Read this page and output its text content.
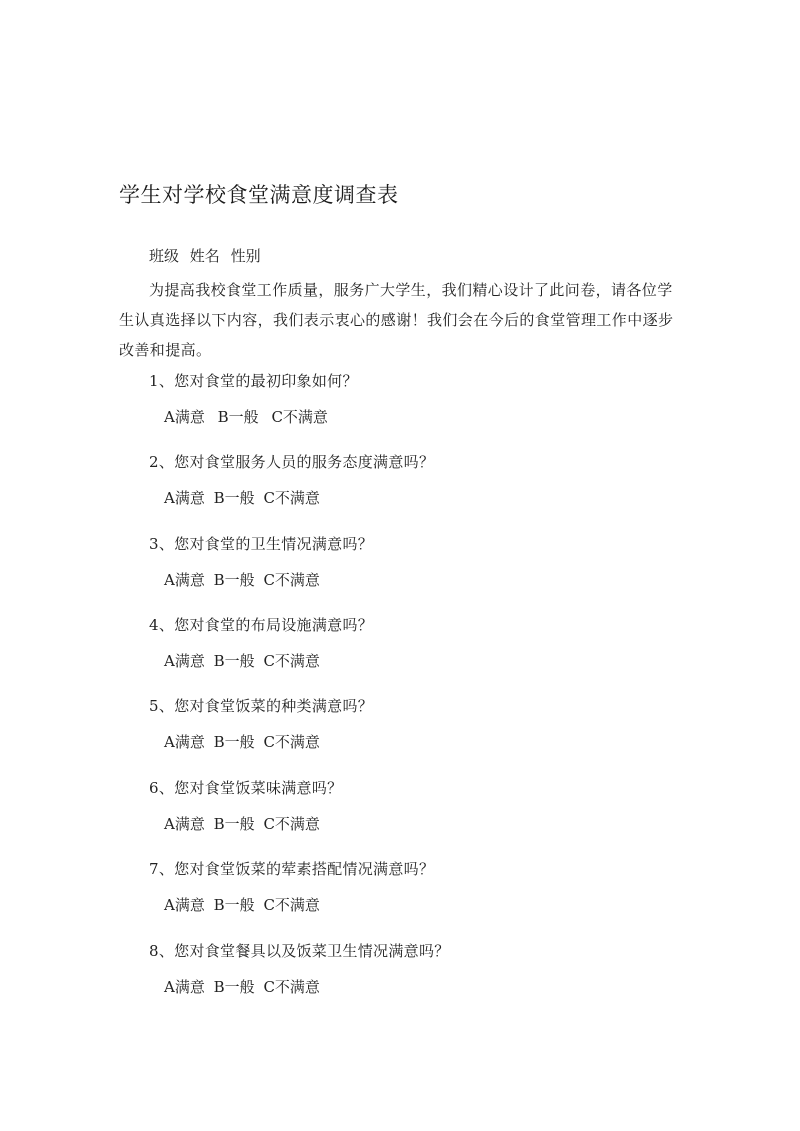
学生对学校食堂满意度调查表
班级 姓名 性别
为提高我校食堂工作质量，服务广大学生，我们精心设计了此问卷，请各位学生认真选择以下内容，我们表示衷心的感谢！我们会在今后的食堂管理工作中逐步改善和提高。
1、您对食堂的最初印象如何？
A满意 B一般 C不满意
2、您对食堂服务人员的服务态度满意吗？
A满意 B一般 C不满意
3、您对食堂的卫生情况满意吗？
A满意 B一般 C不满意
4、您对食堂的布局设施满意吗？
A满意 B一般 C不满意
5、您对食堂饭菜的种类满意吗？
A满意 B一般 C不满意
6、您对食堂饭菜味满意吗？
A满意 B一般 C不满意
7、您对食堂饭菜的荤素搭配情况满意吗？
A满意 B一般 C不满意
8、您对食堂餐具以及饭菜卫生情况满意吗？
A满意 B一般 C不满意
